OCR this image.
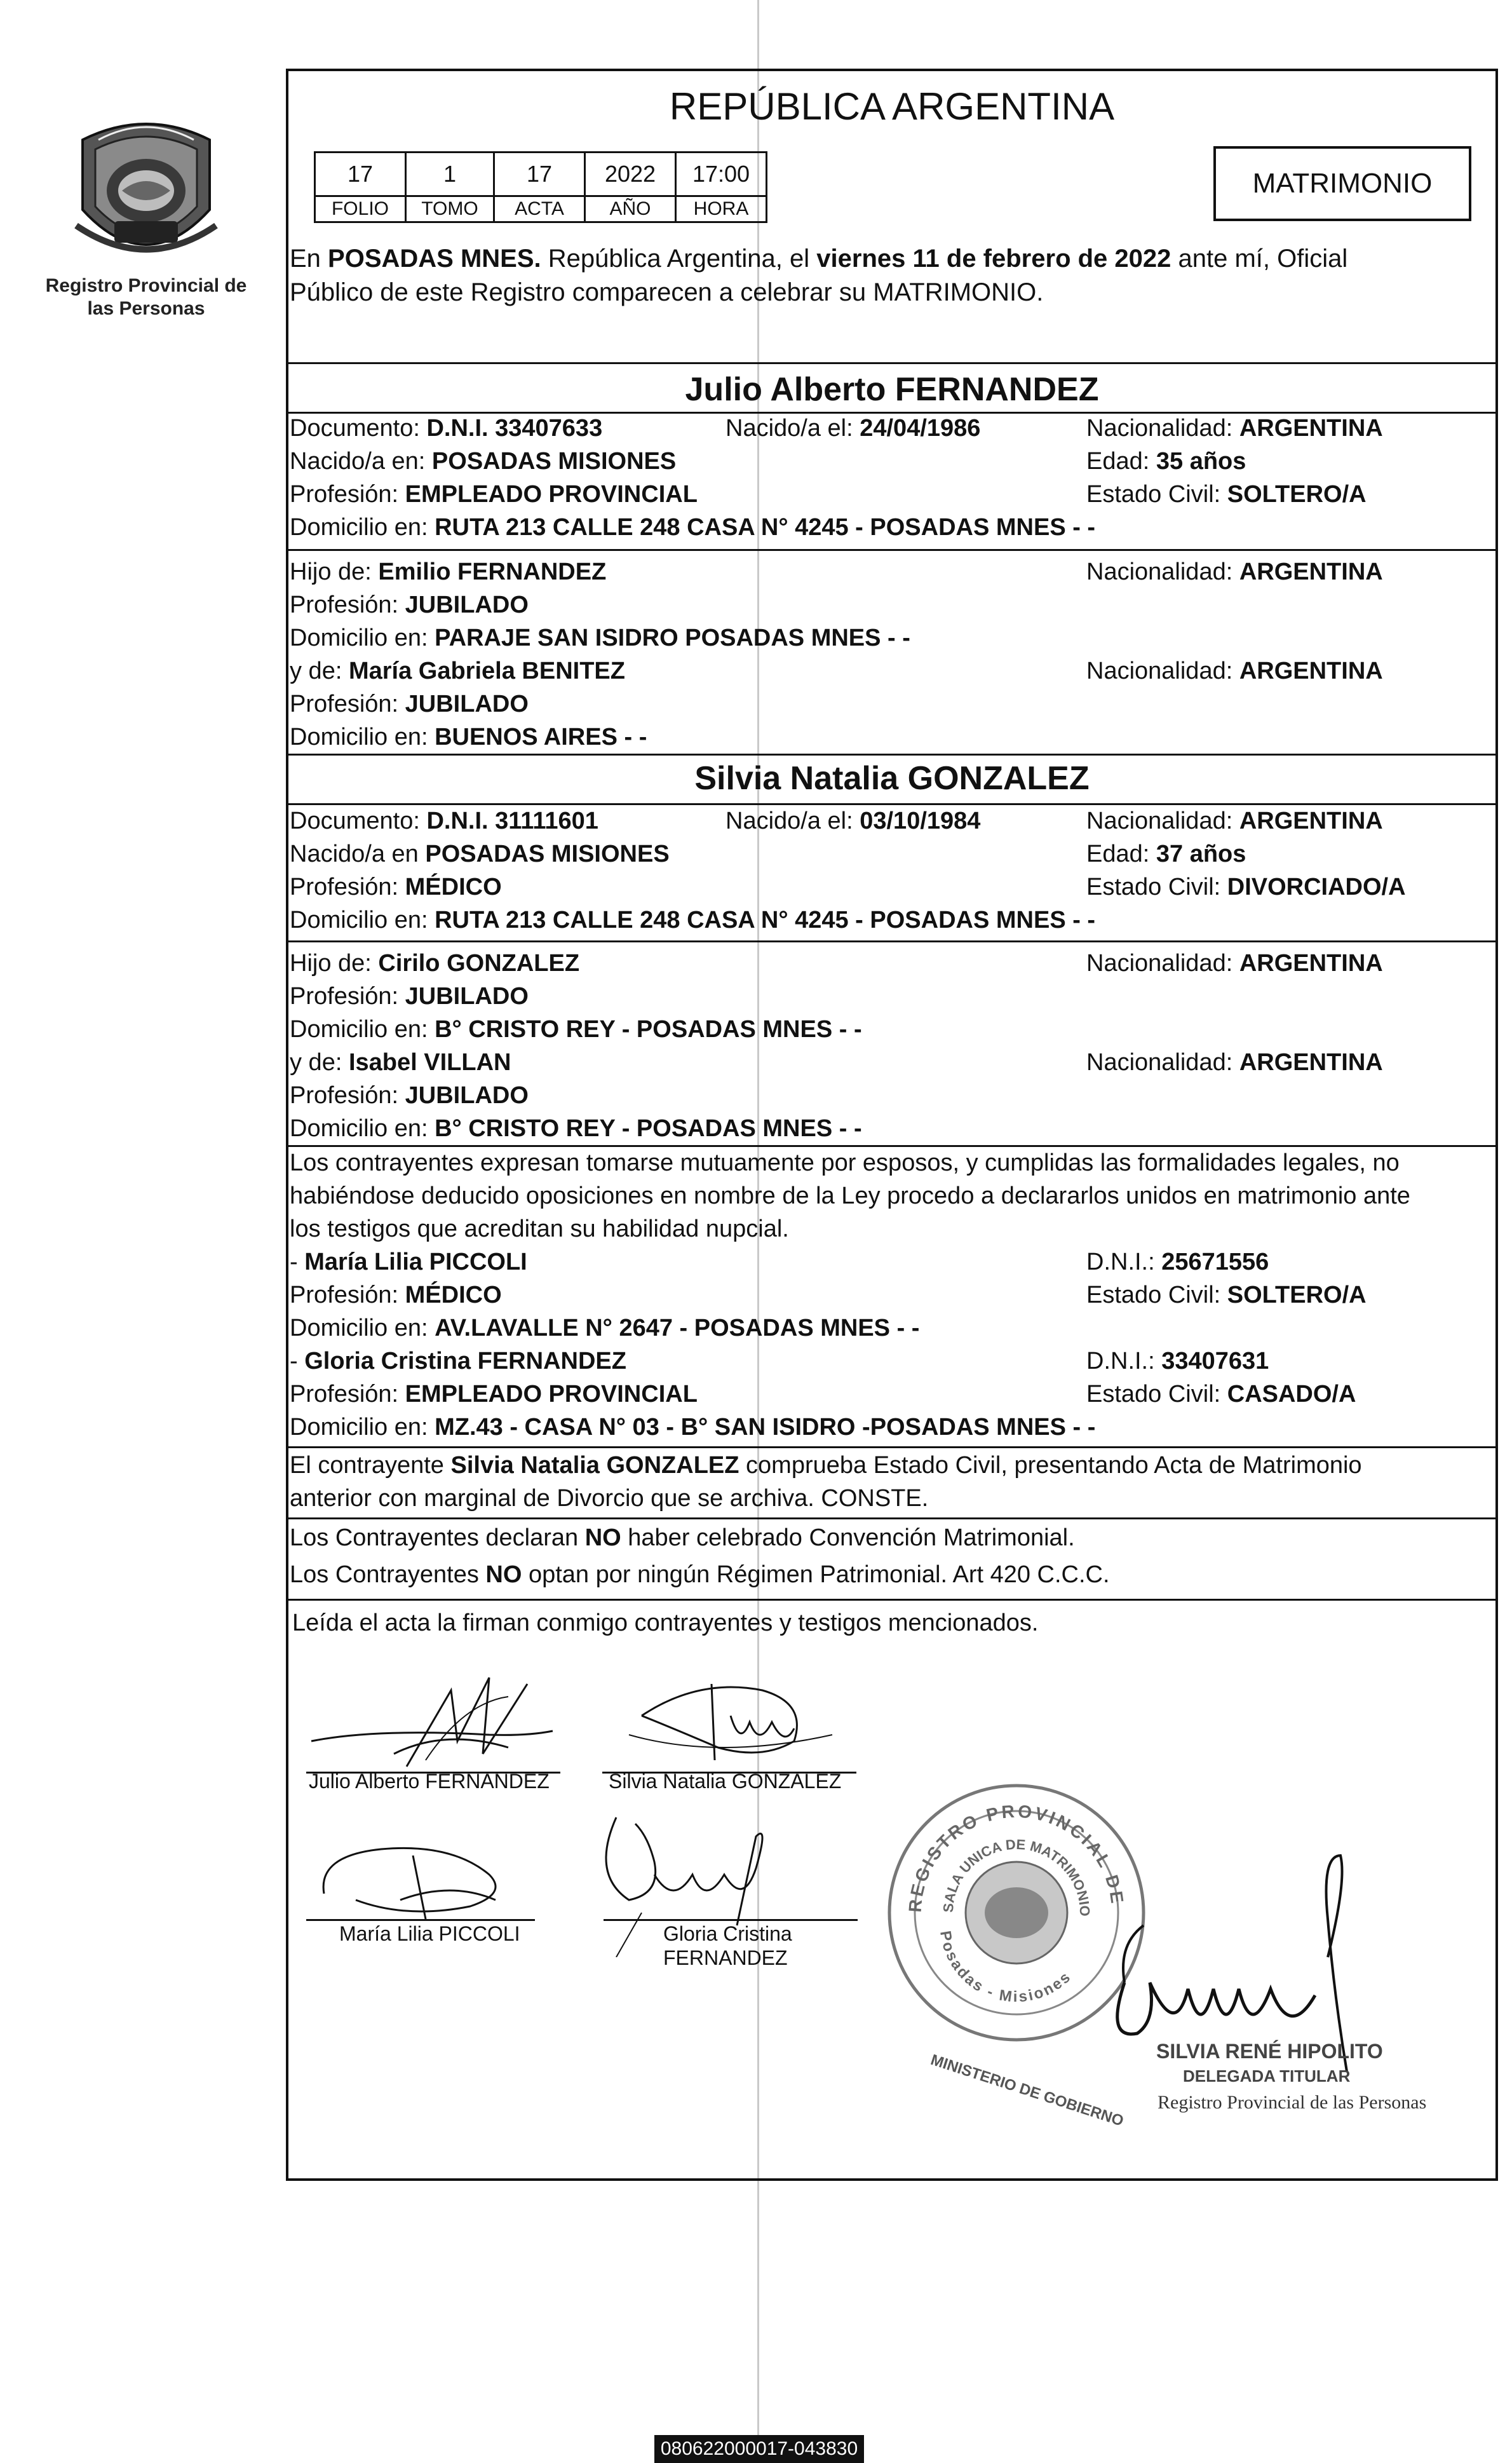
Registro Provincial de las Personas
REPÚBLICA ARGENTINA
17	1	17	2022	17:00
FOLIO	TOMO	ACTA	AÑO	HORA
MATRIMONIO
En POSADAS MNES. República Argentina, el viernes 11 de febrero de 2022 ante mí, Oficial
Público de este Registro comparecen a celebrar su MATRIMONIO.
Julio Alberto FERNANDEZ
Documento: D.N.I. 33407633	Nacido/a el: 24/04/1986	Nacionalidad: ARGENTINA
Nacido/a en: POSADAS MISIONES	Edad: 35 años
Profesión: EMPLEADO PROVINCIAL	Estado Civil: SOLTERO/A
Domicilio en: RUTA 213 CALLE 248 CASA N° 4245 - POSADAS MNES - -
Hijo de: Emilio FERNANDEZ	Nacionalidad: ARGENTINA
Profesión: JUBILADO
Domicilio en: PARAJE SAN ISIDRO POSADAS MNES - -
y de: María Gabriela BENITEZ	Nacionalidad: ARGENTINA
Profesión: JUBILADO
Domicilio en: BUENOS AIRES - -
Silvia Natalia GONZALEZ
Documento: D.N.I. 31111601	Nacido/a el: 03/10/1984	Nacionalidad: ARGENTINA
Nacido/a en POSADAS MISIONES	Edad: 37 años
Profesión: MÉDICO	Estado Civil: DIVORCIADO/A
Domicilio en: RUTA 213 CALLE 248 CASA N° 4245 - POSADAS MNES - -
Hijo de: Cirilo GONZALEZ	Nacionalidad: ARGENTINA
Profesión: JUBILADO
Domicilio en: B° CRISTO REY - POSADAS MNES - -
y de: Isabel VILLAN	Nacionalidad: ARGENTINA
Profesión: JUBILADO
Domicilio en: B° CRISTO REY - POSADAS MNES - -
Los contrayentes expresan tomarse mutuamente por esposos, y cumplidas las formalidades legales, no
habiéndose deducido oposiciones en nombre de la Ley procedo a declararlos unidos en matrimonio ante
los testigos que acreditan su habilidad nupcial.
- María Lilia PICCOLI	D.N.I.: 25671556
Profesión: MÉDICO	Estado Civil: SOLTERO/A
Domicilio en: AV.LAVALLE N° 2647 - POSADAS MNES - -
- Gloria Cristina FERNANDEZ	D.N.I.: 33407631
Profesión: EMPLEADO PROVINCIAL	Estado Civil: CASADO/A
Domicilio en: MZ.43 - CASA N° 03 - B° SAN ISIDRO -POSADAS MNES - -
El contrayente Silvia Natalia GONZALEZ comprueba Estado Civil, presentando Acta de Matrimonio
anterior con marginal de Divorcio que se archiva. CONSTE.
Los Contrayentes declaran NO haber celebrado Convención Matrimonial.
Los Contrayentes NO optan por ningún Régimen Patrimonial. Art 420 C.C.C.
Leída el acta la firman conmigo contrayentes y testigos mencionados.
Julio Alberto FERNANDEZ	Silvia Natalia GONZALEZ
María Lilia PICCOLI	Gloria Cristina
FERNANDEZ
REGISTRO PROVINCIAL DE
SALA UNICA DE MATRIMONIO
Posadas - Misiones
MINISTERIO DE GOBIERNO SILVIA RENÉ HIPOLITO
DELEGADA TITULAR
Registro Provincial de las Personas
080622000017-043830
